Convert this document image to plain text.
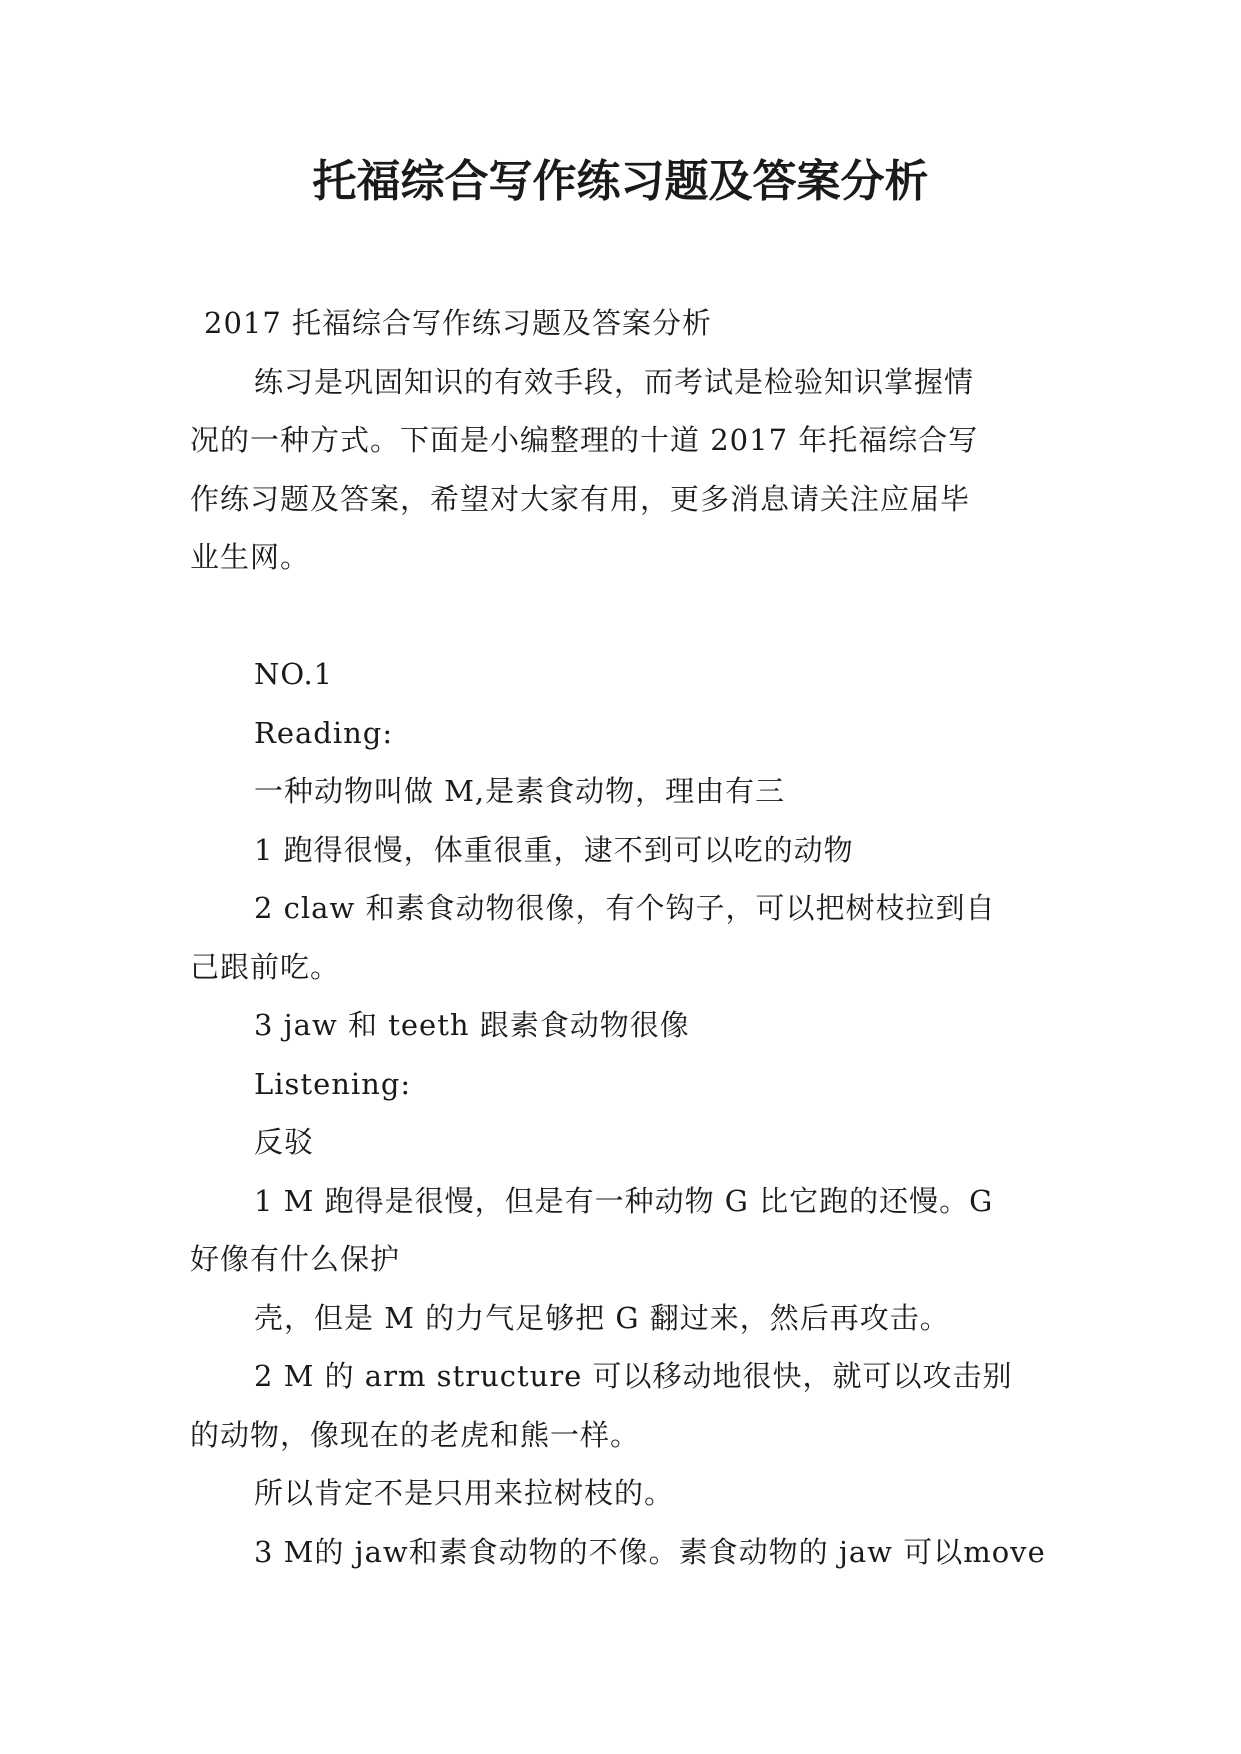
托福综合写作练习题及答案分析

2017 托福综合写作练习题及答案分析

练习是巩固知识的有效手段，而考试是检验知识掌握情

况的一种方式。下面是小编整理的十道 2017 年托福综合写

作练习题及答案，希望对大家有用，更多消息请关注应届毕

业生网。

NO.1

Reading:

一种动物叫做 M,是素食动物，理由有三

1 跑得很慢，体重很重，逮不到可以吃的动物

2 claw 和素食动物很像，有个钩子，可以把树枝拉到自

己跟前吃。

3 jaw 和 teeth 跟素食动物很像

Listening:

反驳

1 M 跑得是很慢，但是有一种动物 G 比它跑的还慢。G

好像有什么保护

壳，但是 M 的力气足够把 G 翻过来，然后再攻击。

2 M 的 arm structure 可以移动地很快，就可以攻击别

的动物，像现在的老虎和熊一样。

所以肯定不是只用来拉树枝的。

3 M的 jaw和素食动物的不像。素食动物的 jaw 可以move
